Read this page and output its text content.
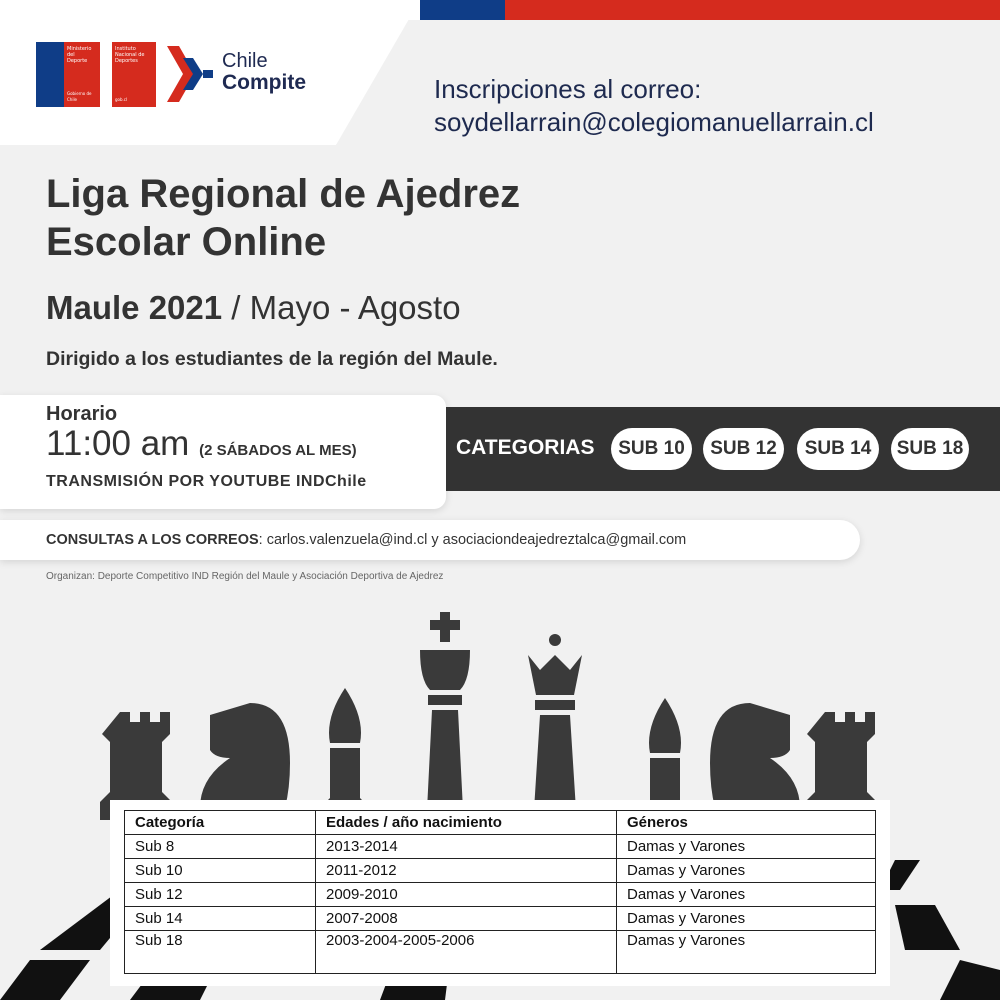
Ministerio del
Deporte
Gobierno de Chile
Instituto
Nacional de
Deportes
gob.cl
Chile
Compite	Inscripciones al correo:
soydellarrain@colegiomanuellarrain.cl
Liga Regional de Ajedrez
Escolar Online
Maule 2021 / Mayo - Agosto
Dirigido a los estudiantes de la región del Maule.
Horario
11:00 am (2 SÁBADOS AL MES)
TRANSMISIÓN POR YOUTUBE INDChile
CATEGORIAS	SUB 10	SUB 12	SUB 14	SUB 18
CONSULTAS A LOS CORREOS: carlos.valenzuela@ind.cl y asociaciondeajedreztalca@gmail.com
Organizan: Deporte Competitivo IND Región del Maule y Asociación Deportiva de Ajedrez
Categoría	Edades / año nacimiento	Géneros
Sub 8	2013-2014	Damas y Varones
Sub 10	2011-2012	Damas y Varones
Sub 12	2009-2010	Damas y Varones
Sub 14	2007-2008	Damas y Varones
Sub 18	2003-2004-2005-2006	Damas y Varones
